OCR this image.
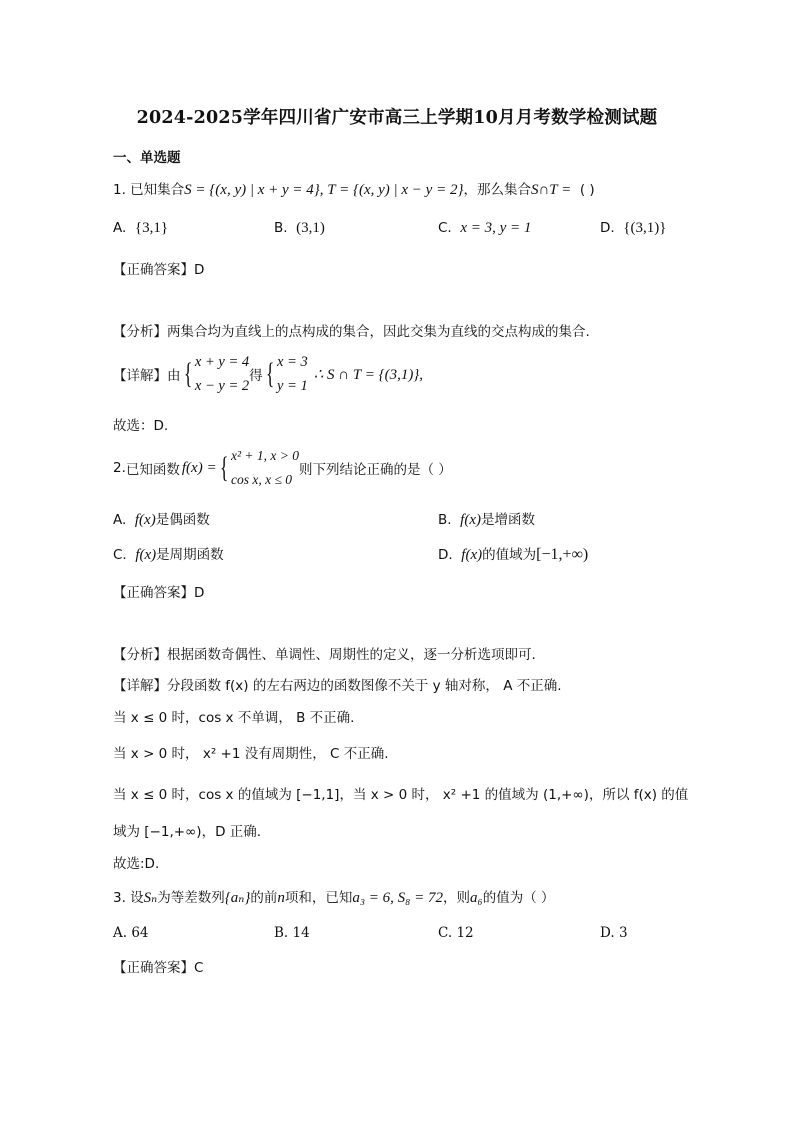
2024-2025学年四川省广安市高三上学期10月月考数学检测试题
一、单选题
1. 已知集合S = {(x, y) | x + y = 4}, T = {(x, y) | x − y = 2}，那么集合S∩T = ( )
A. {3,1}	B. (3,1)	C. x = 3, y = 1	D. {(3,1)}
【正确答案】D
【分析】两集合均为直线上的点构成的集合，因此交集为直线的交点构成的集合.
【详解】由 { x + y = 4
x − y = 2
得 { x = 3
y = 1
∴ S ∩ T = {(3,1)},
故选：D.
2. 已知函数 f(x) = { x² + 1, x > 0
cos x, x ≤ 0
则下列结论正确的是（ ）
A. f(x)是偶函数	B. f(x)是增函数
C. f(x)是周期函数	D. f(x)的值域为[−1,+∞)
【正确答案】D
【分析】根据函数奇偶性、单调性、周期性的定义，逐一分析选项即可.
【详解】分段函数 f(x) 的左右两边的函数图像不关于 y 轴对称， A 不正确.
当 x ≤ 0 时，cos x 不单调， B 不正确.
当 x > 0 时， x² +1 没有周期性， C 不正确.
当 x ≤ 0 时，cos x 的值域为 [−1,1]，当 x > 0 时， x² +1 的值域为 (1,+∞)，所以 f(x) 的值
域为 [−1,+∞)，D 正确.
故选:D.
3. 设Sₙ为等差数列{aₙ}的前n项和，已知a₃ = 6, S₈ = 72，则a₆的值为（ ）
A. 64	B. 14	C. 12	D. 3
【正确答案】C
